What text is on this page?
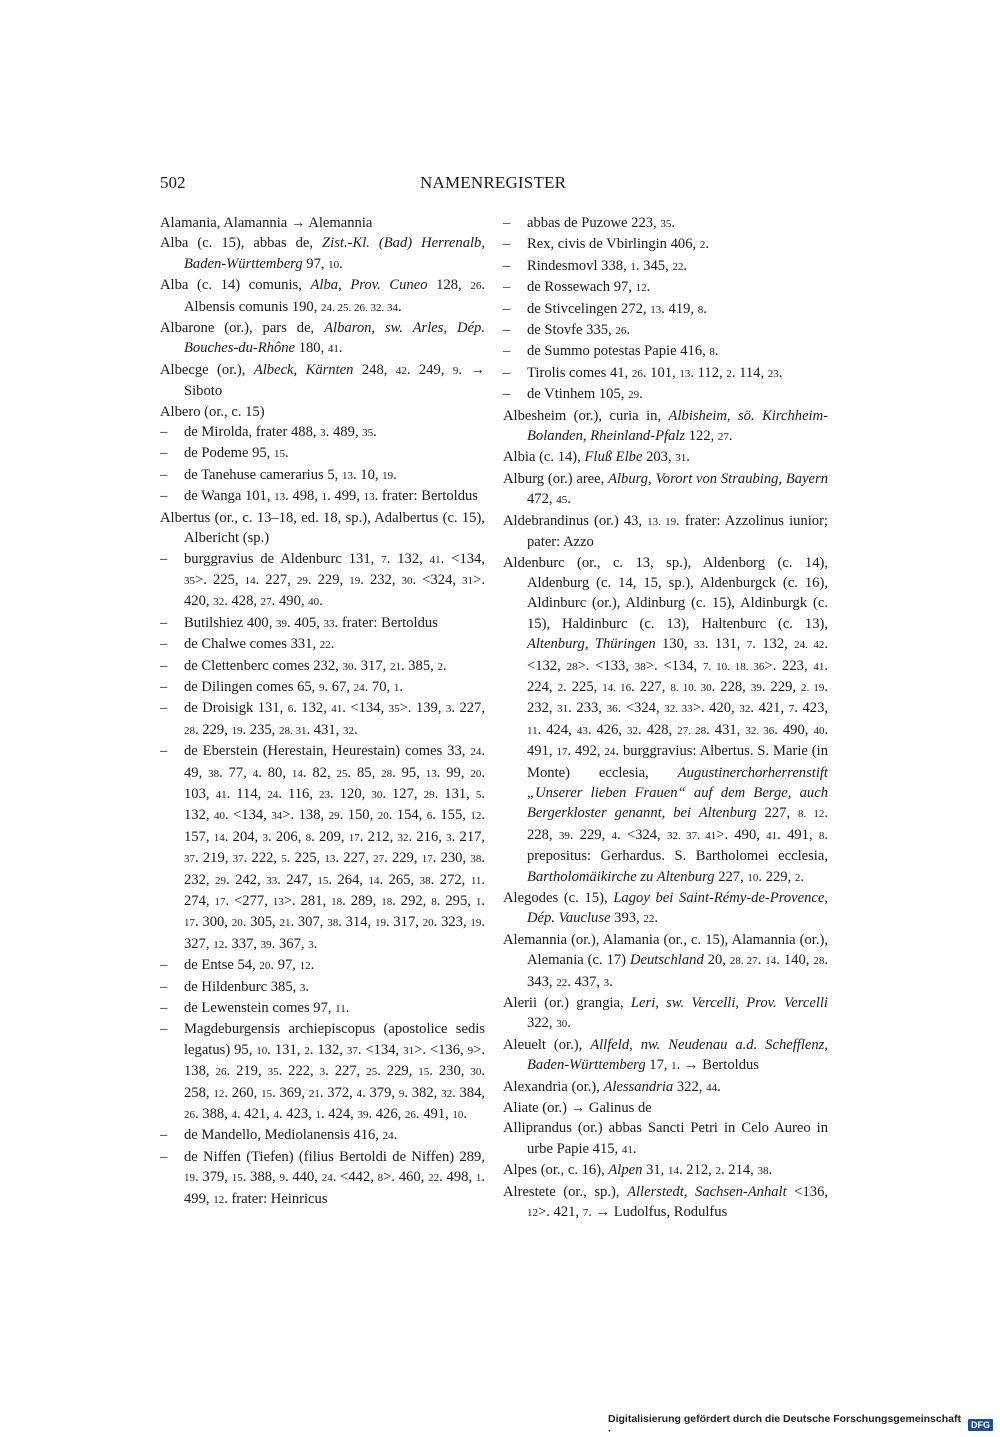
502	NAMENREGISTER

Alamania, Alamannia → Alemannia

Alba (c. 15), abbas de, Zist.-Kl. (Bad) Herrenalb, Baden-Württemberg 97, 10.

Alba (c. 14) comunis, Alba, Prov. Cuneo 128, 26. Albensis comunis 190, 24. 25. 26. 32. 34.

Albarone (or.), pars de, Albaron, sw. Arles, Dép. Bouches-du-Rhône 180, 41.

Albecge (or.), Albeck, Kärnten 248, 42. 249, 9. → Siboto

Albero (or., c. 15)

– de Mirolda, frater 488, 3. 489, 35.

– de Podeme 95, 15.

– de Tanehuse camerarius 5, 13. 10, 19.

– de Wanga 101, 13. 498, 1. 499, 13. frater: Bertoldus

Albertus (or., c. 13–18, ed. 18, sp.), Adalbertus (c. 15), Albericht (sp.)

– burggravius de Aldenburc 131, 7. 132, 41. <134, 35>. 225, 14. 227, 29. 229, 19. 232, 30. <324, 31>. 420, 32. 428, 27. 490, 40.

– Butilshiez 400, 39. 405, 33. frater: Bertoldus

– de Chalwe comes 331, 22.

– de Clettenberc comes 232, 30. 317, 21. 385, 2.

– de Dilingen comes 65, 9. 67, 24. 70, 1.

– de Droisigk 131, 6. 132, 41. <134, 35>. 139, 3. 227, 28. 229, 19. 235, 28. 31. 431, 32.

– de Eberstein (Herestain, Heurestain) comes 33, 24. 49, 38. 77, 4. 80, 14. 82, 25. 85, 28. 95, 13. 99, 20. 103, 41. 114, 24. 116, 23. 120, 30. 127, 29. 131, 5. 132, 40. <134, 34>. 138, 29. 150, 20. 154, 6. 155, 12. 157, 14. 204, 3. 206, 8. 209, 17. 212, 32. 216, 3. 217, 37. 219, 37. 222, 5. 225, 13. 227, 27. 229, 17. 230, 38. 232, 29. 242, 33. 247, 15. 264, 14. 265, 38. 272, 11. 274, 17. <277, 13>. 281, 18. 289, 18. 292, 8. 295, 1. 17. 300, 20. 305, 21. 307, 38. 314, 19. 317, 20. 323, 19. 327, 12. 337, 39. 367, 3.

– de Entse 54, 20. 97, 12.

– de Hildenburc 385, 3.

– de Lewenstein comes 97, 11.

– Magdeburgensis archiepiscopus (apostolice sedis legatus) 95, 10. 131, 2. 132, 37. <134, 31>. <136, 9>. 138, 26. 219, 35. 222, 3. 227, 25. 229, 15. 230, 30. 258, 12. 260, 15. 369, 21. 372, 4. 379, 9. 382, 32. 384, 26. 388, 4. 421, 4. 423, 1. 424, 39. 426, 26. 491, 10.

– de Mandello, Mediolanensis 416, 24.

– de Niffen (Tiefen) (filius Bertoldi de Niffen) 289, 19. 379, 15. 388, 9. 440, 24. <442, 8>. 460, 22. 498, 1. 499, 12. frater: Heinricus

– abbas de Puzowe 223, 35.

– Rex, civis de Vbirlingin 406, 2.

– Rindesmovl 338, 1. 345, 22.

– de Rossewach 97, 12.

– de Stivcelingen 272, 13. 419, 8.

– de Stovfe 335, 26.

– de Summo potestas Papie 416, 8.

– Tirolis comes 41, 26. 101, 13. 112, 2. 114, 23.

– de Vtinhem 105, 29.

Albesheim (or.), curia in, Albisheim, sö. Kirchheim-Bolanden, Rheinland-Pfalz 122, 27.

Albia (c. 14), Fluß Elbe 203, 31.

Alburg (or.) aree, Alburg, Vorort von Straubing, Bayern 472, 45.

Aldebrandinus (or.) 43, 13. 19. frater: Azzolinus iunior; pater: Azzo

Aldenburc (or., c. 13, sp.), Aldenborg (c. 14), Aldenburg (c. 14, 15, sp.), Aldenburgck (c. 16), Aldinburc (or.), Aldinburg (c. 15), Aldinburgk (c. 15), Haldinburc (c. 13), Haltenburc (c. 13), Altenburg, Thüringen 130, 33. 131, 7. 132, 24. 42. <132, 28>. <133, 38>. <134, 7. 10. 18. 36>. 223, 41. 224, 2. 225, 14. 16. 227, 8. 10. 30. 228, 39. 229, 2. 19. 232, 31. 233, 36. <324, 32. 33>. 420, 32. 421, 7. 423, 11. 424, 43. 426, 32. 428, 27. 28. 431, 32. 36. 490, 40. 491, 17. 492, 24. burggravius: Albertus. S. Marie (in Monte) ecclesia, Augustinerchorherrenstift „Unserer lieben Frauen“ auf dem Berge, auch Bergerkloster genannt, bei Altenburg 227, 8. 12. 228, 39. 229, 4. <324, 32. 37. 41>. 490, 41. 491, 8. prepositus: Gerhardus. S. Bartholomei ecclesia, Bartholomäikirche zu Altenburg 227, 10. 229, 2.

Alegodes (c. 15), Lagoy bei Saint-Rémy-de-Provence, Dép. Vaucluse 393, 22.

Alemannia (or.), Alamania (or., c. 15), Alamannia (or.), Alemania (c. 17) Deutschland 20, 28. 27. 14. 140, 28. 343, 22. 437, 3.

Alerii (or.) grangia, Leri, sw. Vercelli, Prov. Vercelli 322, 30.

Aleuelt (or.), Allfeld, nw. Neudenau a.d. Schefflenz, Baden-Württemberg 17, 1. → Bertoldus

Alexandria (or.), Alessandria 322, 44.

Aliate (or.) → Galinus de

Alliprandus (or.) abbas Sancti Petri in Celo Aureo in urbe Papie 415, 41.

Alpes (or., c. 16), Alpen 31, 14. 212, 2. 214, 38.

Alrestete (or., sp.), Allerstedt, Sachsen-Anhalt <136, 12>. 421, 7. → Ludolfus, Rodulfus

Digitalisierung gefördert durch die Deutsche Forschungsgemeinschaft ·	DFG
